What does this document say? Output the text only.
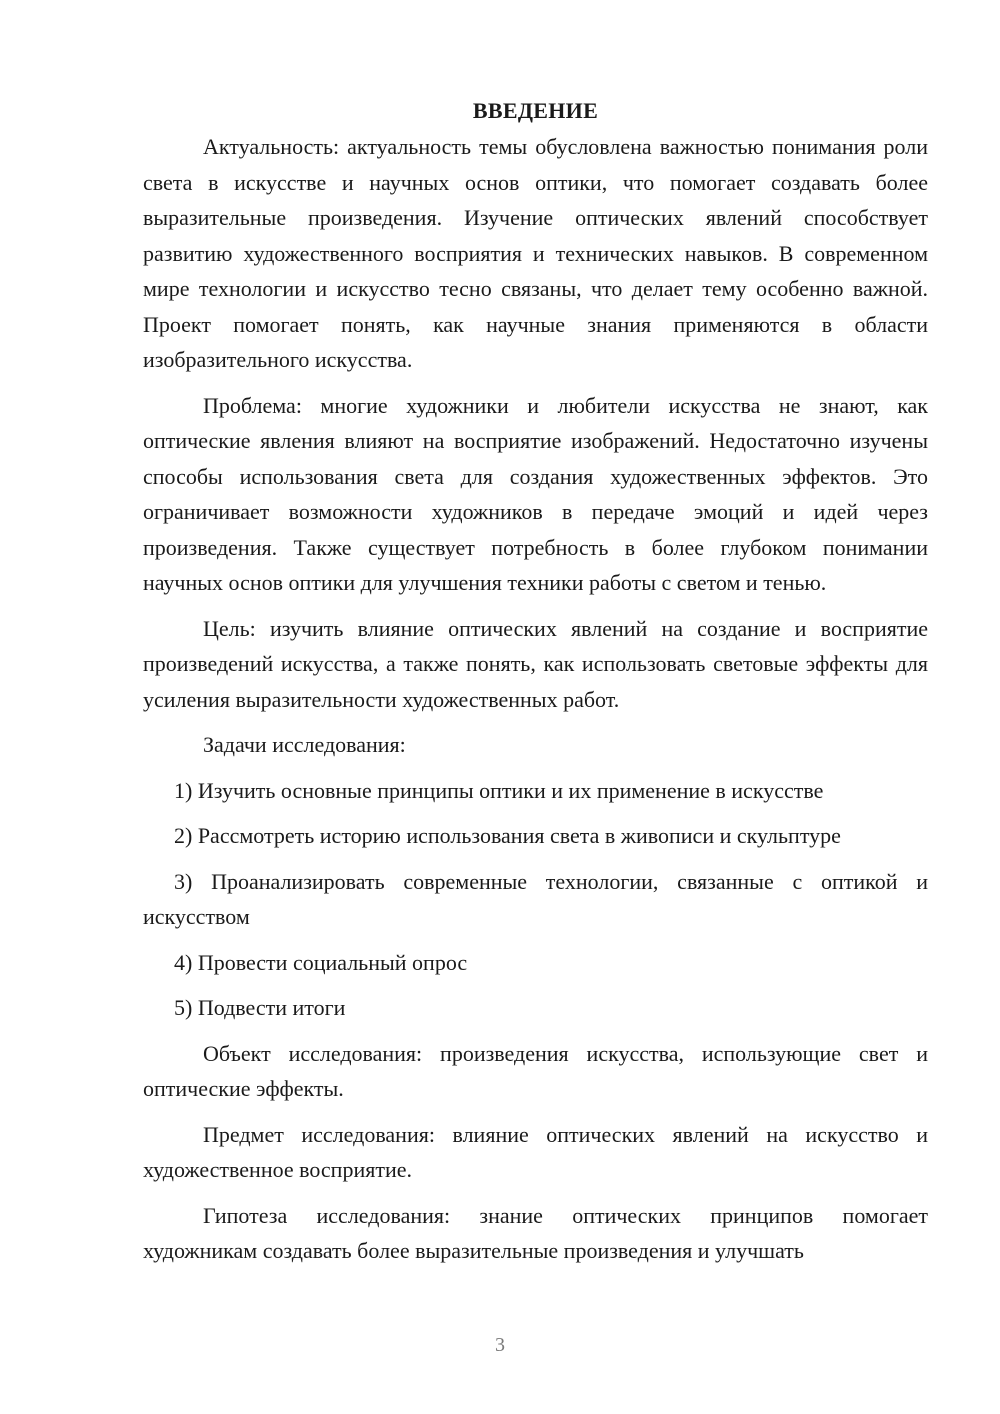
ВВЕДЕНИЕ

Актуальность: актуальность темы обусловлена важностью понимания роли света в искусстве и научных основ оптики, что помогает создавать более выразительные произведения. Изучение оптических явлений способствует развитию художественного восприятия и технических навыков. В современном мире технологии и искусство тесно связаны, что делает тему особенно важной. Проект помогает понять, как научные знания применяются в области изобразительного искусства.

Проблема: многие художники и любители искусства не знают, как оптические явления влияют на восприятие изображений. Недостаточно изучены способы использования света для создания художественных эффектов. Это ограничивает возможности художников в передаче эмоций и идей через произведения. Также существует потребность в более глубоком понимании научных основ оптики для улучшения техники работы с светом и тенью.

Цель: изучить влияние оптических явлений на создание и восприятие произведений искусства, а также понять, как использовать световые эффекты для усиления выразительности художественных работ.

Задачи исследования:

1) Изучить основные принципы оптики и их применение в искусстве

2) Рассмотреть историю использования света в живописи и скульптуре

3) Проанализировать современные технологии, связанные с оптикой и искусством

4) Провести социальный опрос

5) Подвести итоги

Объект исследования: произведения искусства, использующие свет и оптические эффекты.

Предмет исследования: влияние оптических явлений на искусство и художественное восприятие.

Гипотеза исследования: знание оптических принципов помогает художникам создавать более выразительные произведения и улучшать

3
